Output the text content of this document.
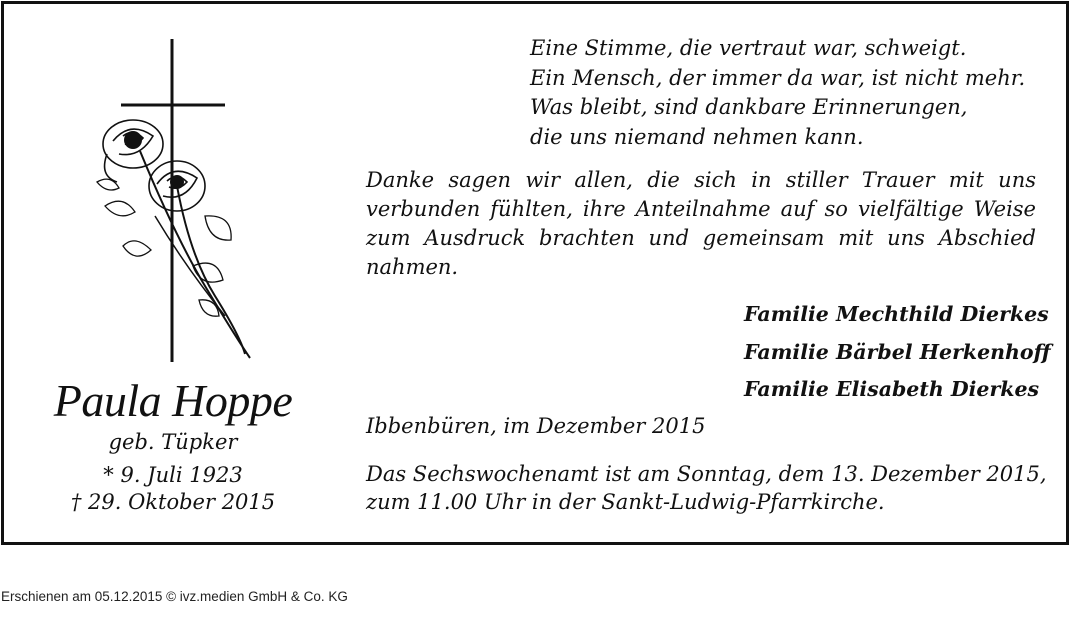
Paula Hoppe
geb. Tüpker
* 9. Juli 1923
† 29. Oktober 2015
Eine Stimme, die vertraut war, schweigt.
Ein Mensch, der immer da war, ist nicht mehr.
Was bleibt, sind dankbare Erinnerungen,
die uns niemand nehmen kann.
Danke sagen wir allen, die sich in stiller Trauer mit uns verbunden fühlten, ihre Anteilnahme auf so vielfältige Weise zum Ausdruck brachten und gemeinsam mit uns Abschied nahmen.
Familie Mechthild Dierkes
Familie Bärbel Herkenhoff
Familie Elisabeth Dierkes
Ibbenbüren, im Dezember 2015
Das Sechswochenamt ist am Sonntag, dem 13. Dezember 2015,
zum 11.00 Uhr in der Sankt-Ludwig-Pfarrkirche.
Erschienen am 05.12.2015 © ivz.medien GmbH & Co. KG
